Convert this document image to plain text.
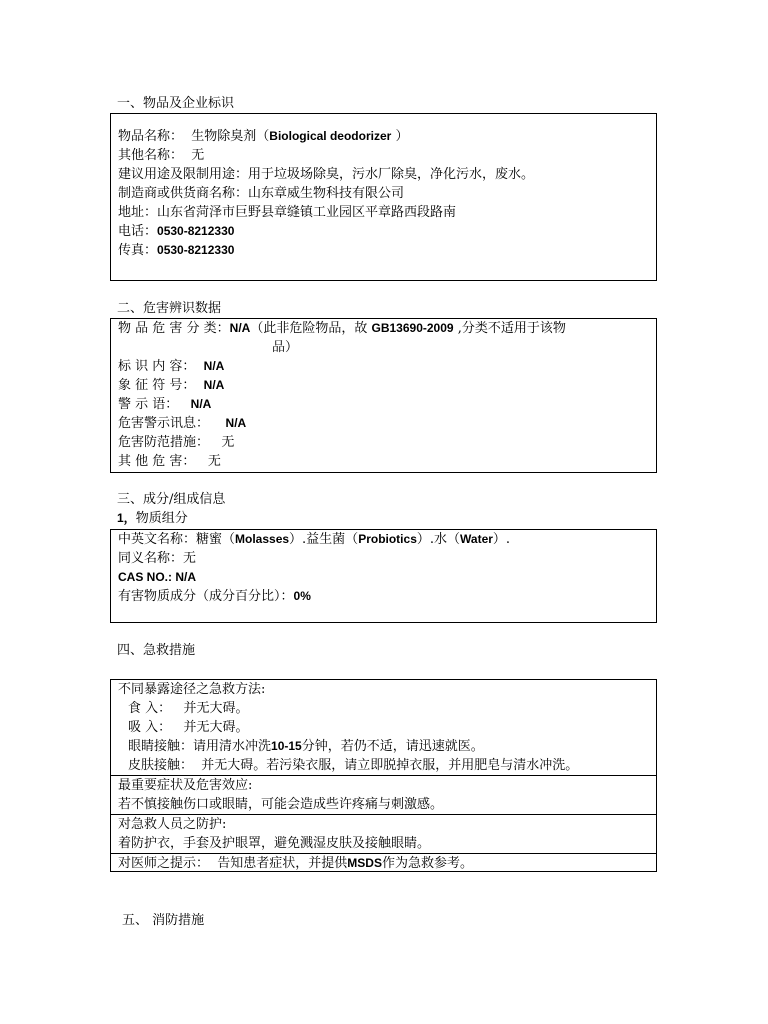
一、物品及企业标识
物品名称： 生物除臭剂（Biological deodorizer ）
其他名称： 无
建议用途及限制用途：用于垃圾场除臭，污水厂除臭，净化污水，废水。
制造商或供货商名称：山东章威生物科技有限公司
地址：山东省菏泽市巨野县章缝镇工业园区平章路西段路南
电话：0530-8212330
传真：0530-8212330
二、危害辨识数据
物 品 危 害 分 类：N/A（此非危险物品，故 GB13690-2009 ,分类不适用于该物
品）
标 识 内 容： N/A
象 征 符 号： N/A
警 示 语： N/A
危害警示讯息： N/A
危害防范措施： 无
其 他 危 害： 无
三、成分/组成信息
1，物质组分
中英文名称：糖蜜（Molasses）.益生菌（Probiotics）.水（Water）.
同义名称：无
CAS NO.: N/A
有害物质成分（成分百分比）：0%
四、急救措施
不同暴露途径之急救方法:
食 入： 并无大碍。
吸 入： 并无大碍。
眼睛接触：请用清水冲洗10-15分钟，若仍不适，请迅速就医。
皮肤接触： 并无大碍。若污染衣服，请立即脱掉衣服，并用肥皂与清水冲洗。
最重要症状及危害效应:
若不慎接触伤口或眼睛，可能会造成些许疼痛与刺激感。
对急救人员之防护:
着防护衣，手套及护眼罩，避免溅湿皮肤及接触眼睛。
对医师之提示： 告知患者症状，并提供MSDS作为急救参考。
五、 消防措施
